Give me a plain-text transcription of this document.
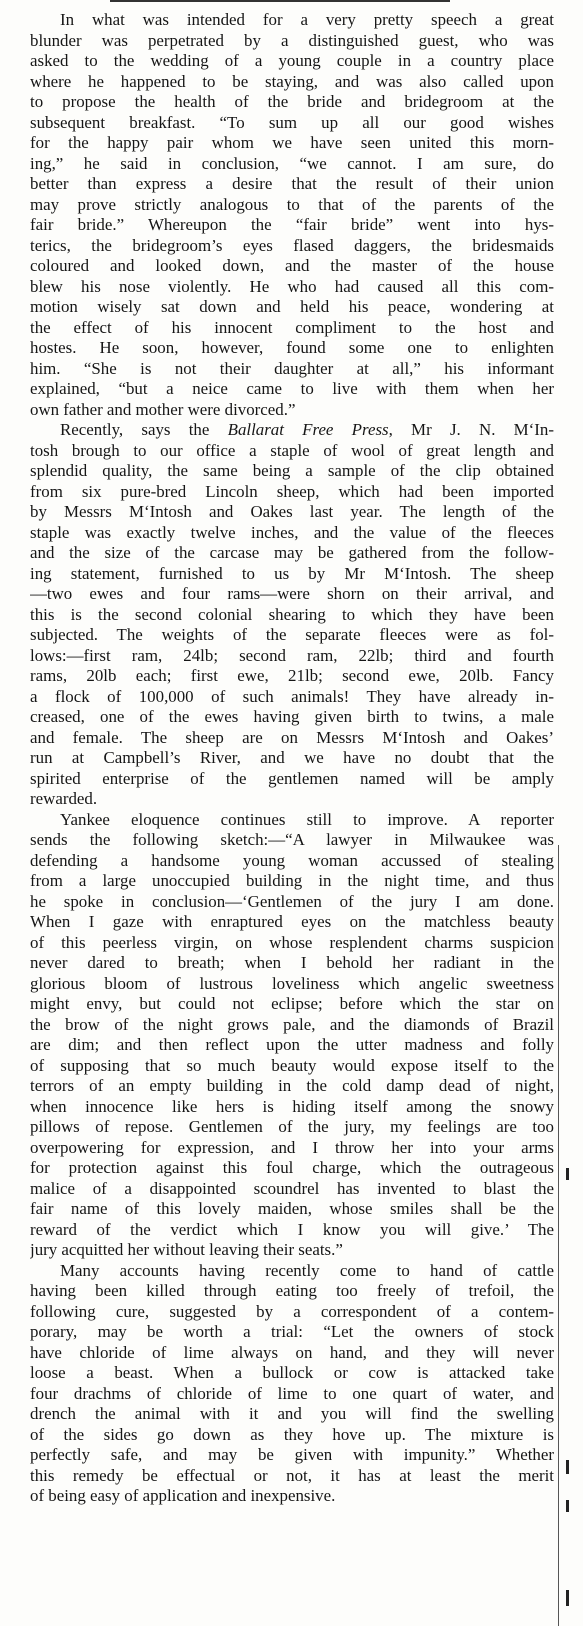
In what was intended for a very pretty speech a great
blunder was perpetrated by a distinguished guest, who was
asked to the wedding of a young couple in a country place
where he happened to be staying, and was also called upon
to propose the health of the bride and bridegroom at the
subsequent breakfast. “To sum up all our good wishes
for the happy pair whom we have seen united this morn-
ing,” he said in conclusion, “we cannot. I am sure, do
better than express a desire that the result of their union
may prove strictly analogous to that of the parents of the
fair bride.” Whereupon the “fair bride” went into hys-
terics, the bridegroom’s eyes flased daggers, the bridesmaids
coloured and looked down, and the master of the house
blew his nose violently. He who had caused all this com-
motion wisely sat down and held his peace, wondering at
the effect of his innocent compliment to the host and
hostes. He soon, however, found some one to enlighten
him. “She is not their daughter at all,” his informant
explained, “but a neice came to live with them when her
own father and mother were divorced.”

Recently, says the Ballarat Free Press, Mr J. N. M‘In-
tosh brough to our office a staple of wool of great length and
splendid quality, the same being a sample of the clip obtained
from six pure-bred Lincoln sheep, which had been imported
by Messrs M‘Intosh and Oakes last year. The length of the
staple was exactly twelve inches, and the value of the fleeces
and the size of the carcase may be gathered from the follow-
ing statement, furnished to us by Mr M‘Intosh. The sheep
—two ewes and four rams—were shorn on their arrival, and
this is the second colonial shearing to which they have been
subjected. The weights of the separate fleeces were as fol-
lows:—first ram, 24lb; second ram, 22lb; third and fourth
rams, 20lb each; first ewe, 21lb; second ewe, 20lb. Fancy
a flock of 100,000 of such animals! They have already in-
creased, one of the ewes having given birth to twins, a male
and female. The sheep are on Messrs M‘Intosh and Oakes’
run at Campbell’s River, and we have no doubt that the
spirited enterprise of the gentlemen named will be amply
rewarded.

Yankee eloquence continues still to improve. A reporter
sends the following sketch:—“A lawyer in Milwaukee was
defending a handsome young woman accussed of stealing
from a large unoccupied building in the night time, and thus
he spoke in conclusion—‘Gentlemen of the jury I am done.
When I gaze with enraptured eyes on the matchless beauty
of this peerless virgin, on whose resplendent charms suspicion
never dared to breath; when I behold her radiant in the
glorious bloom of lustrous loveliness which angelic sweetness
might envy, but could not eclipse; before which the star on
the brow of the night grows pale, and the diamonds of Brazil
are dim; and then reflect upon the utter madness and folly
of supposing that so much beauty would expose itself to the
terrors of an empty building in the cold damp dead of night,
when innocence like hers is hiding itself among the snowy
pillows of repose. Gentlemen of the jury, my feelings are too
overpowering for expression, and I throw her into your arms
for protection against this foul charge, which the outrageous
malice of a disappointed scoundrel has invented to blast the
fair name of this lovely maiden, whose smiles shall be the
reward of the verdict which I know you will give.’ The
jury acquitted her without leaving their seats.”

Many accounts having recently come to hand of cattle
having been killed through eating too freely of trefoil, the
following cure, suggested by a correspondent of a contem-
porary, may be worth a trial: “Let the owners of stock
have chloride of lime always on hand, and they will never
loose a beast. When a bullock or cow is attacked take
four drachms of chloride of lime to one quart of water, and
drench the animal with it and you will find the swelling
of the sides go down as they hove up. The mixture is
perfectly safe, and may be given with impunity.” Whether
this remedy be effectual or not, it has at least the merit
of being easy of application and inexpensive.
